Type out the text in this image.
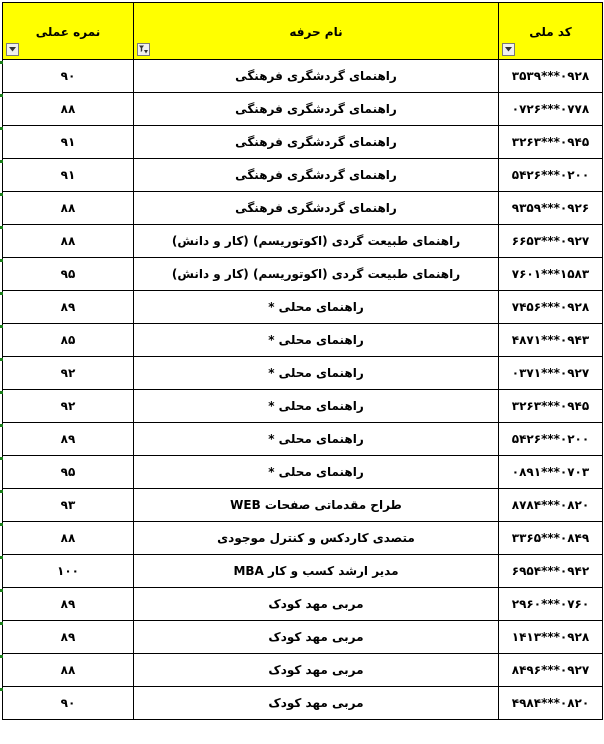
کد ملی	نام حرفه	نمره عملی

۰۹۲۸***۳۵۳۹	راهنمای گردشگری فرهنگی	۹۰
۰۷۷۸***۰۷۲۶	راهنمای گردشگری فرهنگی	۸۸
۰۹۴۵***۳۲۶۳	راهنمای گردشگری فرهنگی	۹۱
۰۲۰۰***۵۴۲۶	راهنمای گردشگری فرهنگی	۹۱
۰۹۲۶***۹۳۵۹	راهنمای گردشگری فرهنگی	۸۸
۰۹۲۷***۶۶۵۳	راهنمای طبیعت گردی (اکوتوریسم) (کار و دانش)	۸۸
۱۵۸۳***۷۶۰۱	راهنمای طبیعت گردی (اکوتوریسم) (کار و دانش)	۹۵
۰۹۲۸***۷۴۵۶	راهنمای محلی *	۸۹
۰۹۴۳***۴۸۷۱	راهنمای محلی *	۸۵
۰۹۲۷***۰۳۷۱	راهنمای محلی *	۹۲
۰۹۴۵***۳۲۶۳	راهنمای محلی *	۹۲
۰۲۰۰***۵۴۲۶	راهنمای محلی *	۸۹
۰۷۰۳***۰۸۹۱	راهنمای محلی *	۹۵
۰۸۲۰***۸۷۸۴	طراح مقدماتی صفحات WEB	۹۳
۰۸۴۹***۳۳۶۵	متصدی کاردکس و کنترل موجودی	۸۸
۰۹۴۲***۶۹۵۴	مدیر ارشد کسب و کار MBA	۱۰۰
۰۷۶۰***۲۹۶۰	مربی مهد کودک	۸۹
۰۹۲۸***۱۴۱۳	مربی مهد کودک	۸۹
۰۹۲۷***۸۴۹۶	مربی مهد کودک	۸۸
۰۸۲۰***۴۹۸۴	مربی مهد کودک	۹۰
